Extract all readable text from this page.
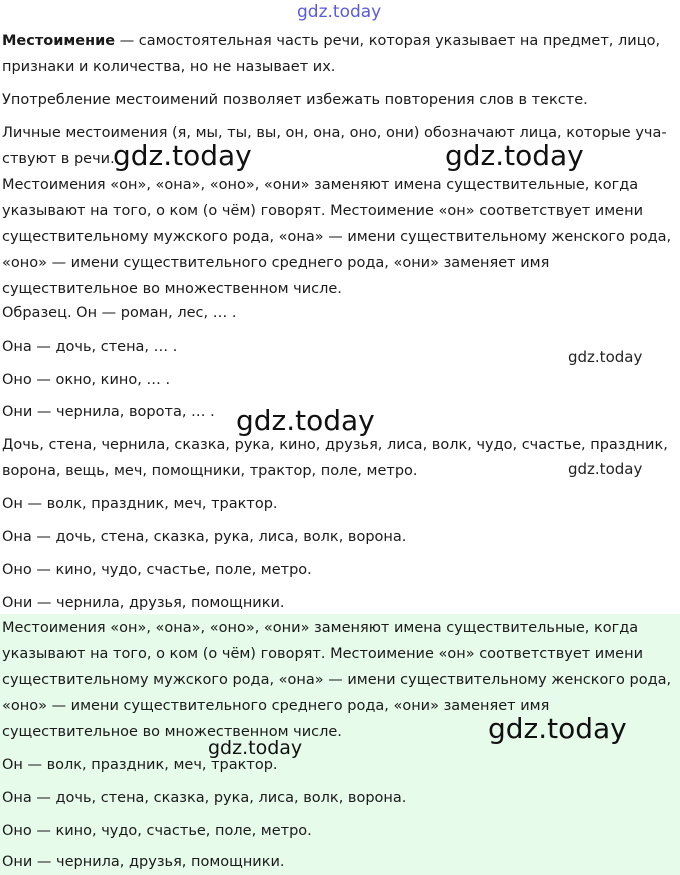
gdz.today

Местоимение — самостоятельная часть речи, которая указывает на предмет, лицо,

признаки и количества, но не называет их.

Употребление местоимений позволяет избежать повторения слов в тексте.

Личные местоимения (я, мы, ты, вы, он, она, оно, они) обозначают лица, которые уча-

ствуют в речи.

gdz.today	gdz.today

Местоимения «он», «она», «оно», «они» заменяют имена существительные, когда

указывают на того, о ком (о чём) говорят. Местоимение «он» соответствует имени

существительному мужского рода, «она» — имени существительному женского рода,

«оно» — имени существительного среднего рода, «они» заменяет имя

существительное во множественном числе.

Образец. Он — роман, лес, … .

Она — дочь, стена, … .

gdz.today

Оно — окно, кино, … .

Они — чернила, ворота, … . gdz.today

Дочь, стена, чернила, сказка, рука, кино, друзья, лиса, волк, чудо, счастье, праздник,

ворона, вещь, меч, помощники, трактор, поле, метро.	gdz.today

Он — волк, праздник, меч, трактор.

Она — дочь, стена, сказка, рука, лиса, волк, ворона.

Оно — кино, чудо, счастье, поле, метро.

Они — чернила, друзья, помощники.

Местоимения «он», «она», «оно», «они» заменяют имена существительные, когда

указывают на того, о ком (о чём) говорят. Местоимение «он» соответствует имени

существительному мужского рода, «она» — имени существительному женского рода,

«оно» — имени существительного среднего рода, «они» заменяет имя

существительное во множественном числе.	gdz.today
gdz.today

Он — волк, праздник, меч, трактор.

Она — дочь, стена, сказка, рука, лиса, волк, ворона.

Оно — кино, чудо, счастье, поле, метро.

Они — чернила, друзья, помощники.
